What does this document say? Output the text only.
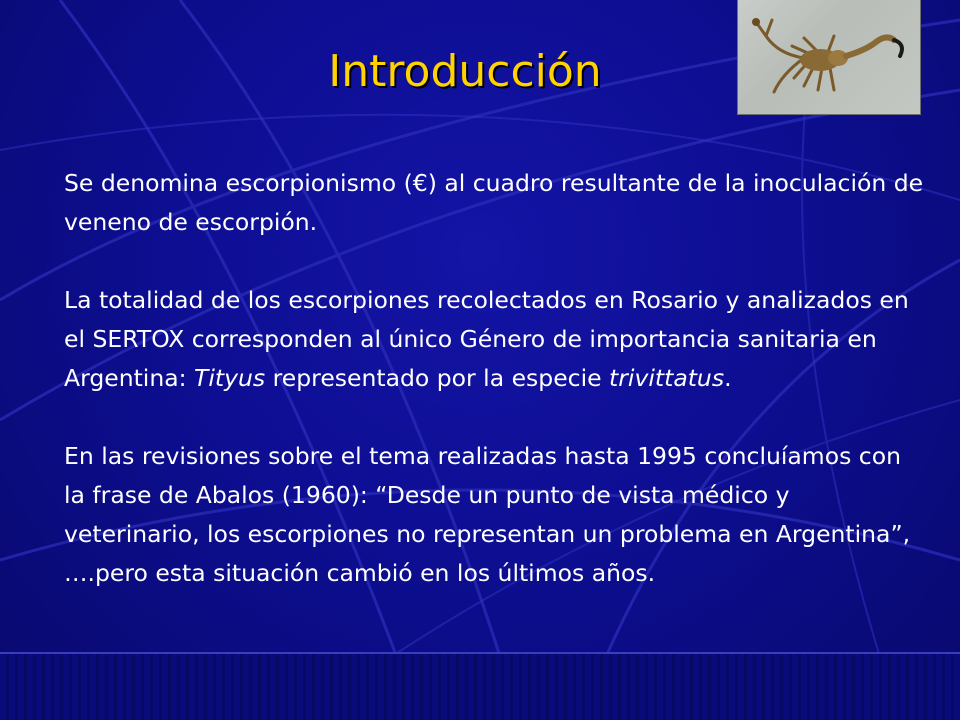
Introducción

Se denomina escorpionismo (€) al cuadro resultante de la inoculación de veneno de escorpión.

La totalidad de los escorpiones recolectados en Rosario y analizados en el SERTOX corresponden al único Género de importancia sanitaria en Argentina: Tityus representado por la especie trivittatus.

En las revisiones sobre el tema realizadas hasta 1995 concluíamos con la frase de Abalos (1960): “Desde un punto de vista médico y veterinario, los escorpiones no representan un problema en Argentina”, ….pero esta situación cambió en los últimos años.
